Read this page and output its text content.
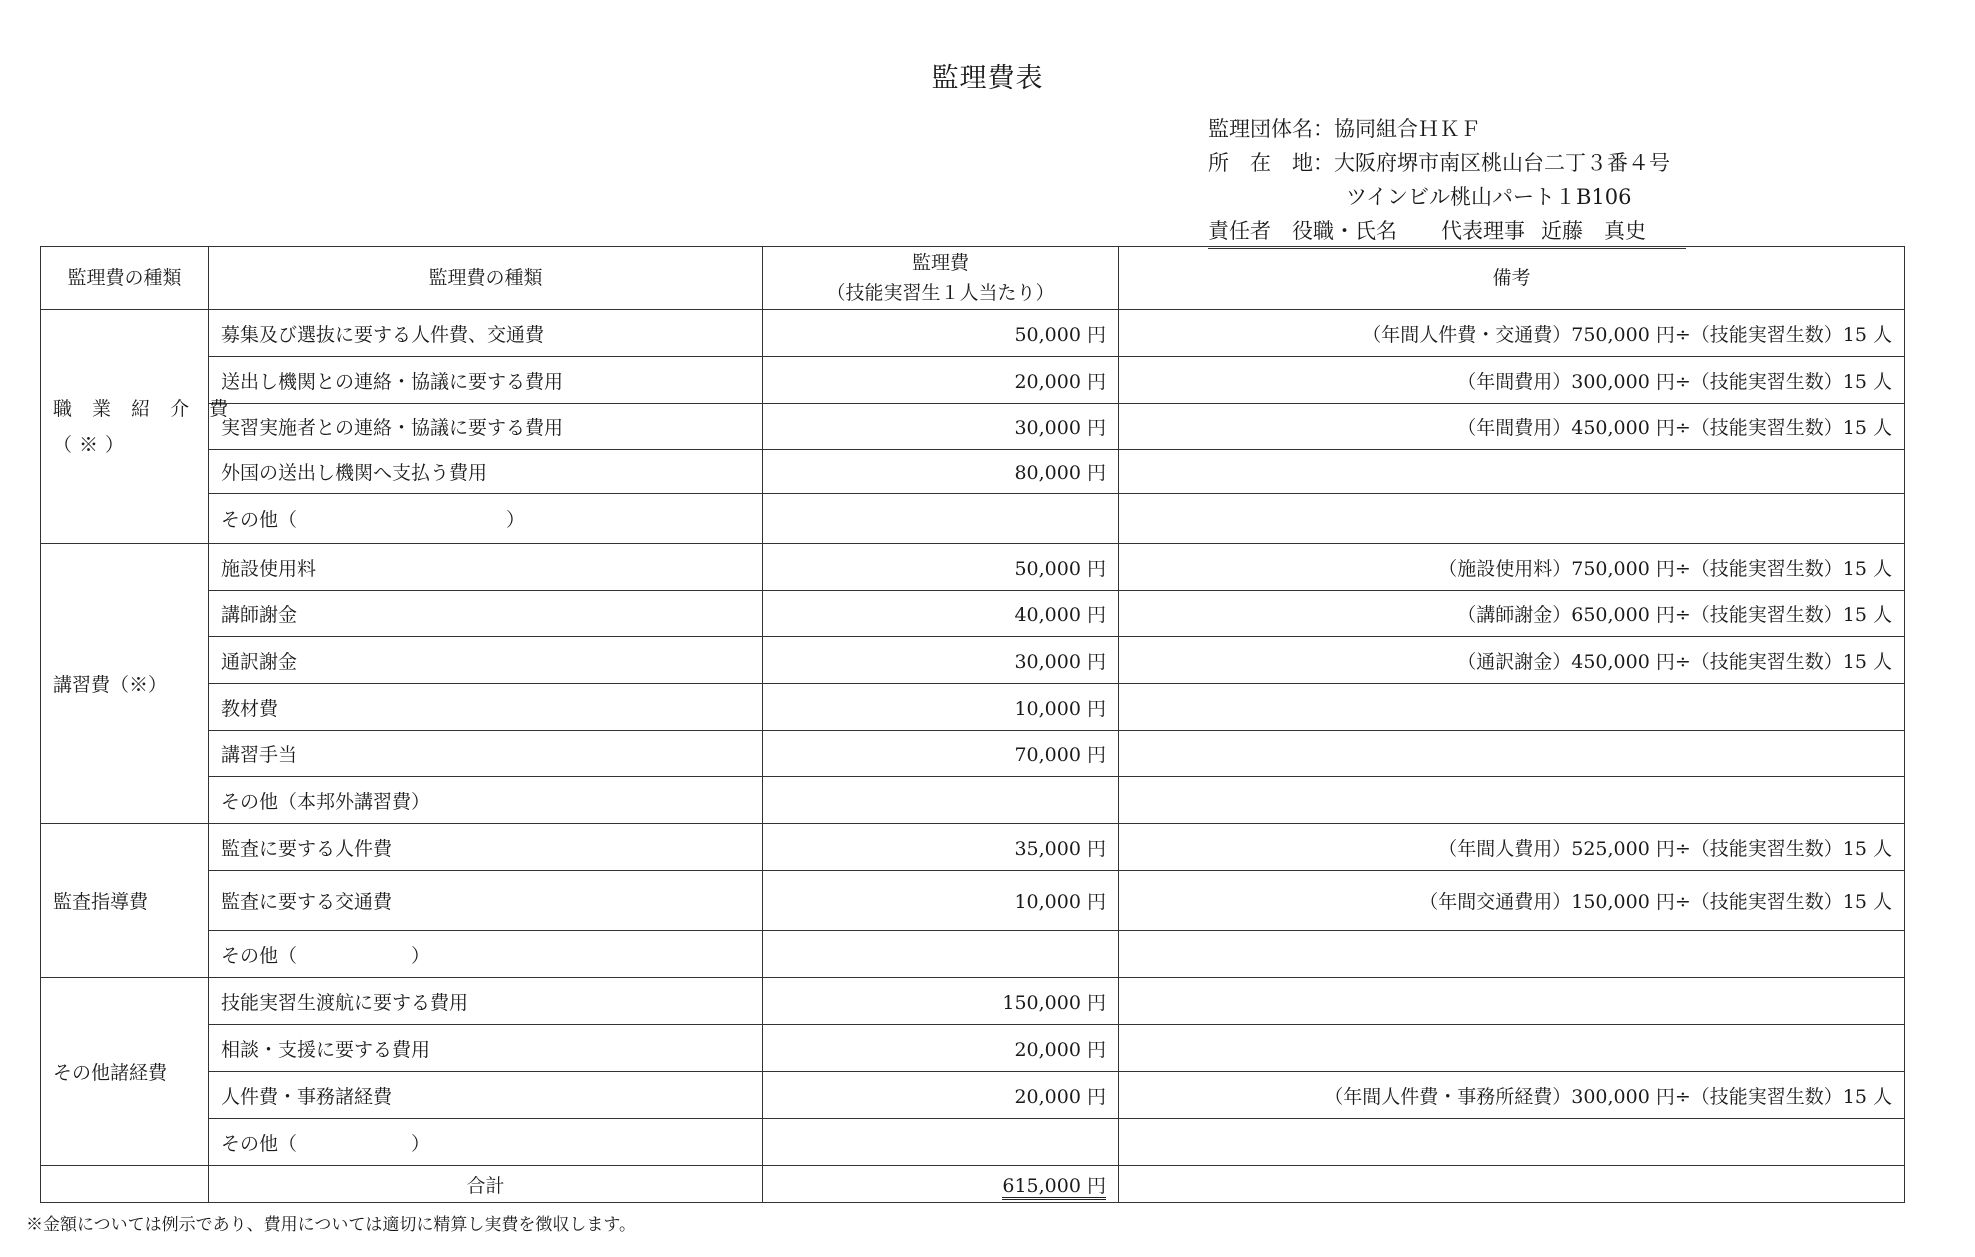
監理費表
監理団体名：協同組合ＨＫＦ
所　在　地：大阪府堺市南区桃山台二丁３番４号
ツインビル桃山パート１B106
責任者　役職・氏名 代表理事 近藤　真史
監理費の種類	監理費の種類	監理費
（技能実習生１人当たり）	備考

職 業 紹 介 費
（※）	募集及び選抜に要する人件費、交通費	50,000 円	（年間人件費・交通費）750,000 円÷（技能実習生数）15 人
	送出し機関との連絡・協議に要する費用	20,000 円	（年間費用）300,000 円÷（技能実習生数）15 人
	実習実施者との連絡・協議に要する費用	30,000 円	（年間費用）450,000 円÷（技能実習生数）15 人
	外国の送出し機関へ支払う費用	80,000 円	
	その他（　　　　　　　　　　　）		

講習費（※）	施設使用料	50,000 円	（施設使用料）750,000 円÷（技能実習生数）15 人
	講師謝金	40,000 円	（講師謝金）650,000 円÷（技能実習生数）15 人
	通訳謝金	30,000 円	（通訳謝金）450,000 円÷（技能実習生数）15 人
	教材費	10,000 円	
	講習手当	70,000 円	
	その他（本邦外講習費）		

監査指導費	監査に要する人件費	35,000 円	（年間人費用）525,000 円÷（技能実習生数）15 人
	監査に要する交通費	10,000 円	（年間交通費用）150,000 円÷（技能実習生数）15 人
	その他（　　　　　　）		

その他諸経費	技能実習生渡航に要する費用	150,000 円	
	相談・支援に要する費用	20,000 円	
	人件費・事務諸経費	20,000 円	（年間人件費・事務所経費）300,000 円÷（技能実習生数）15 人
	その他（　　　　　　）		
	合計	615,000 円	
※金額については例示であり、費用については適切に精算し実費を徴収します。
